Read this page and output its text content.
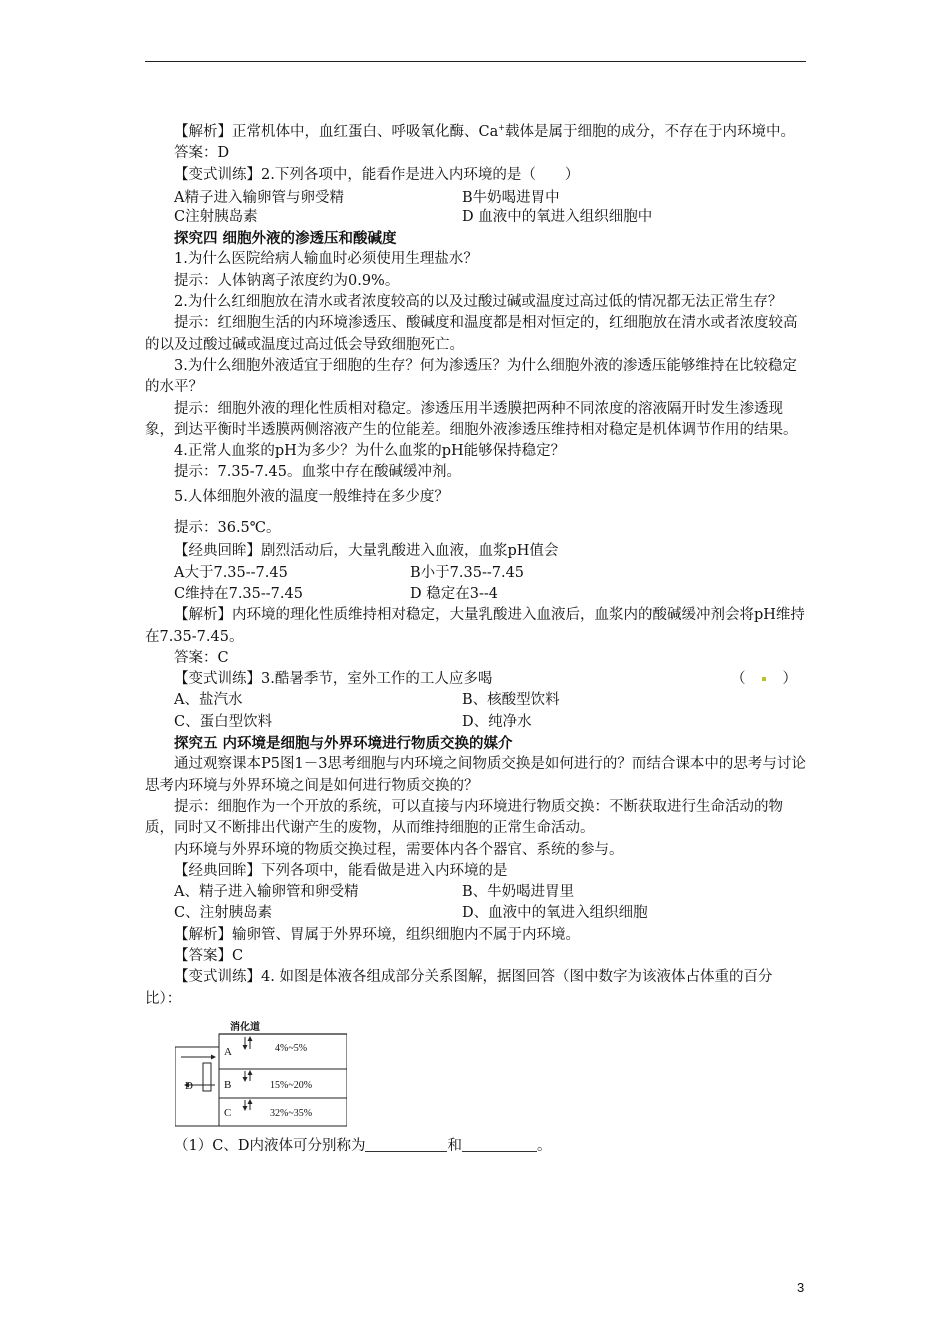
【解析】正常机体中，血红蛋白、呼吸氧化酶、Ca+载体是属于细胞的成分，不存在于内环境中。

答案：D

【变式训练】2.下列各项中，能看作是进入内环境的是（　　）

A精子进入输卵管与卵受精	B牛奶喝进胃中
C注射胰岛素	D 血液中的氧进入组织细胞中

探究四 细胞外液的渗透压和酸碱度

1.为什么医院给病人输血时必须使用生理盐水？

提示：人体钠离子浓度约为0.9%。

2.为什么红细胞放在清水或者浓度较高的以及过酸过碱或温度过高过低的情况都无法正常生存？

提示：红细胞生活的内环境渗透压、酸碱度和温度都是相对恒定的，红细胞放在清水或者浓度较高的以及过酸过碱或温度过高过低会导致细胞死亡。

3.为什么细胞外液适宜于细胞的生存？何为渗透压？为什么细胞外液的渗透压能够维持在比较稳定的水平？

提示：细胞外液的理化性质相对稳定。渗透压用半透膜把两种不同浓度的溶液隔开时发生渗透现象，到达平衡时半透膜两侧溶液产生的位能差。细胞外液渗透压维持相对稳定是机体调节作用的结果。

4.正常人血浆的pH为多少？为什么血浆的pH能够保持稳定？

提示：7.35-7.45。血浆中存在酸碱缓冲剂。

5.人体细胞外液的温度一般维持在多少度？

提示：36.5℃。

【经典回眸】剧烈活动后，大量乳酸进入血液，血浆pH值会

A大于7.35--7.45	B小于7.35--7.45
C维持在7.35--7.45	D 稳定在3--4

【解析】内环境的理化性质维持相对稳定，大量乳酸进入血液后，血浆内的酸碱缓冲剂会将pH维持在7.35-7.45。

答案：C

【变式训练】3.酷暑季节，室外工作的工人应多喝	（　　	）

A、盐汽水	B、核酸型饮料
C、蛋白型饮料	D、纯净水

探究五 内环境是细胞与外界环境进行物质交换的媒介

通过观察课本P5图1－3思考细胞与内环境之间物质交换是如何进行的？而结合课本中的思考与讨论思考内环境与外界环境之间是如何进行物质交换的？

提示：细胞作为一个开放的系统，可以直接与内环境进行物质交换：不断获取进行生命活动的物质，同时又不断排出代谢产生的废物，从而维持细胞的正常生命活动。

内环境与外界环境的物质交换过程，需要体内各个器官、系统的参与。

【经典回眸】下列各项中，能看做是进入内环境的是

A、精子进入输卵管和卵受精	B、牛奶喝进胃里
C、注射胰岛素	D、血液中的氧进入组织细胞

【解析】输卵管、胃属于外界环境，组织细胞内不属于内环境。

【答案】C

【变式训练】4. 如图是体液各组成部分关系图解，据图回答（图中数字为该液体占体重的百分比）：

消化道
A
B
C
D
4%~5%
15%~20%
32%~35%

（1）C、D内液体可分别称为	和	。

3
